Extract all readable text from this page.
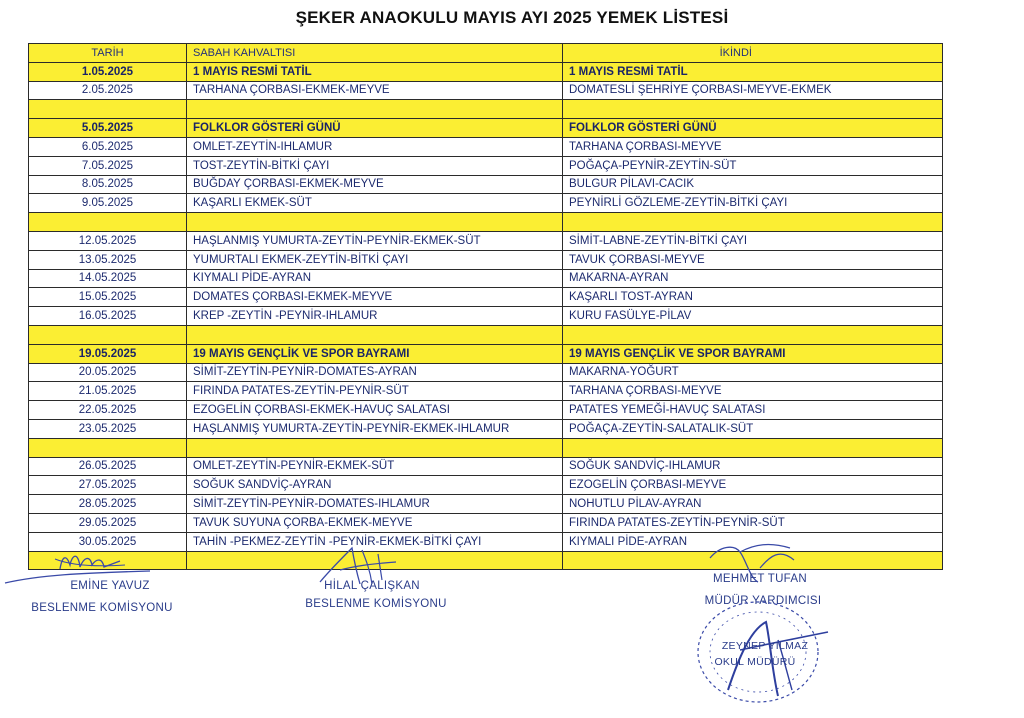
ŞEKER ANAOKULU MAYIS AYI 2025 YEMEK LİSTESİ
TARİH	SABAH KAHVALTISI	İKİNDİ
1.05.2025	1 MAYIS RESMİ TATİL	1 MAYIS RESMİ TATİL
2.05.2025	TARHANA ÇORBASI-EKMEK-MEYVE	DOMATESLİ ŞEHRİYE ÇORBASI-MEYVE-EKMEK

5.05.2025	FOLKLOR GÖSTERİ GÜNÜ	FOLKLOR GÖSTERİ GÜNÜ
6.05.2025	OMLET-ZEYTİN-IHLAMUR	TARHANA ÇORBASI-MEYVE
7.05.2025	TOST-ZEYTİN-BİTKİ ÇAYI	POĞAÇA-PEYNİR-ZEYTİN-SÜT
8.05.2025	BUĞDAY ÇORBASI-EKMEK-MEYVE	BULGUR PİLAVI-CACIK
9.05.2025	KAŞARLI EKMEK-SÜT	PEYNİRLİ GÖZLEME-ZEYTİN-BİTKİ ÇAYI

12.05.2025	HAŞLANMIŞ YUMURTA-ZEYTİN-PEYNİR-EKMEK-SÜT	SİMİT-LABNE-ZEYTİN-BİTKİ ÇAYI
13.05.2025	YUMURTALI EKMEK-ZEYTİN-BİTKİ ÇAYI	TAVUK ÇORBASI-MEYVE
14.05.2025	KIYMALI PİDE-AYRAN	MAKARNA-AYRAN
15.05.2025	DOMATES ÇORBASI-EKMEK-MEYVE	KAŞARLI TOST-AYRAN
16.05.2025	KREP -ZEYTİN -PEYNİR-IHLAMUR	KURU FASÜLYE-PİLAV

19.05.2025	19 MAYIS GENÇLİK VE SPOR BAYRAMI	19 MAYIS GENÇLİK VE SPOR BAYRAMI
20.05.2025	SİMİT-ZEYTİN-PEYNİR-DOMATES-AYRAN	MAKARNA-YOĞURT
21.05.2025	FIRINDA PATATES-ZEYTİN-PEYNİR-SÜT	TARHANA ÇORBASI-MEYVE
22.05.2025	EZOGELİN ÇORBASI-EKMEK-HAVUÇ SALATASI	PATATES YEMEĞİ-HAVUÇ SALATASI
23.05.2025	HAŞLANMIŞ YUMURTA-ZEYTİN-PEYNİR-EKMEK-IHLAMUR	POĞAÇA-ZEYTİN-SALATALIK-SÜT

26.05.2025	OMLET-ZEYTİN-PEYNİR-EKMEK-SÜT	SOĞUK SANDVİÇ-IHLAMUR
27.05.2025	SOĞUK SANDVİÇ-AYRAN	EZOGELİN ÇORBASI-MEYVE
28.05.2025	SİMİT-ZEYTİN-PEYNİR-DOMATES-IHLAMUR	NOHUTLU PİLAV-AYRAN
29.05.2025	TAVUK SUYUNA ÇORBA-EKMEK-MEYVE	FIRINDA PATATES-ZEYTİN-PEYNİR-SÜT
30.05.2025	TAHİN -PEKMEZ-ZEYTİN -PEYNİR-EKMEK-BİTKİ ÇAYI	KIYMALI PİDE-AYRAN

EMİNE YAVUZ
BESLENME KOMİSYONU
HİLAL ÇALIŞKAN
BESLENME KOMİSYONU
MEHMET TUFAN
MÜDÜR YARDIMCISI
ZEYNEP YILMAZ
OKUL MÜDÜRÜ
